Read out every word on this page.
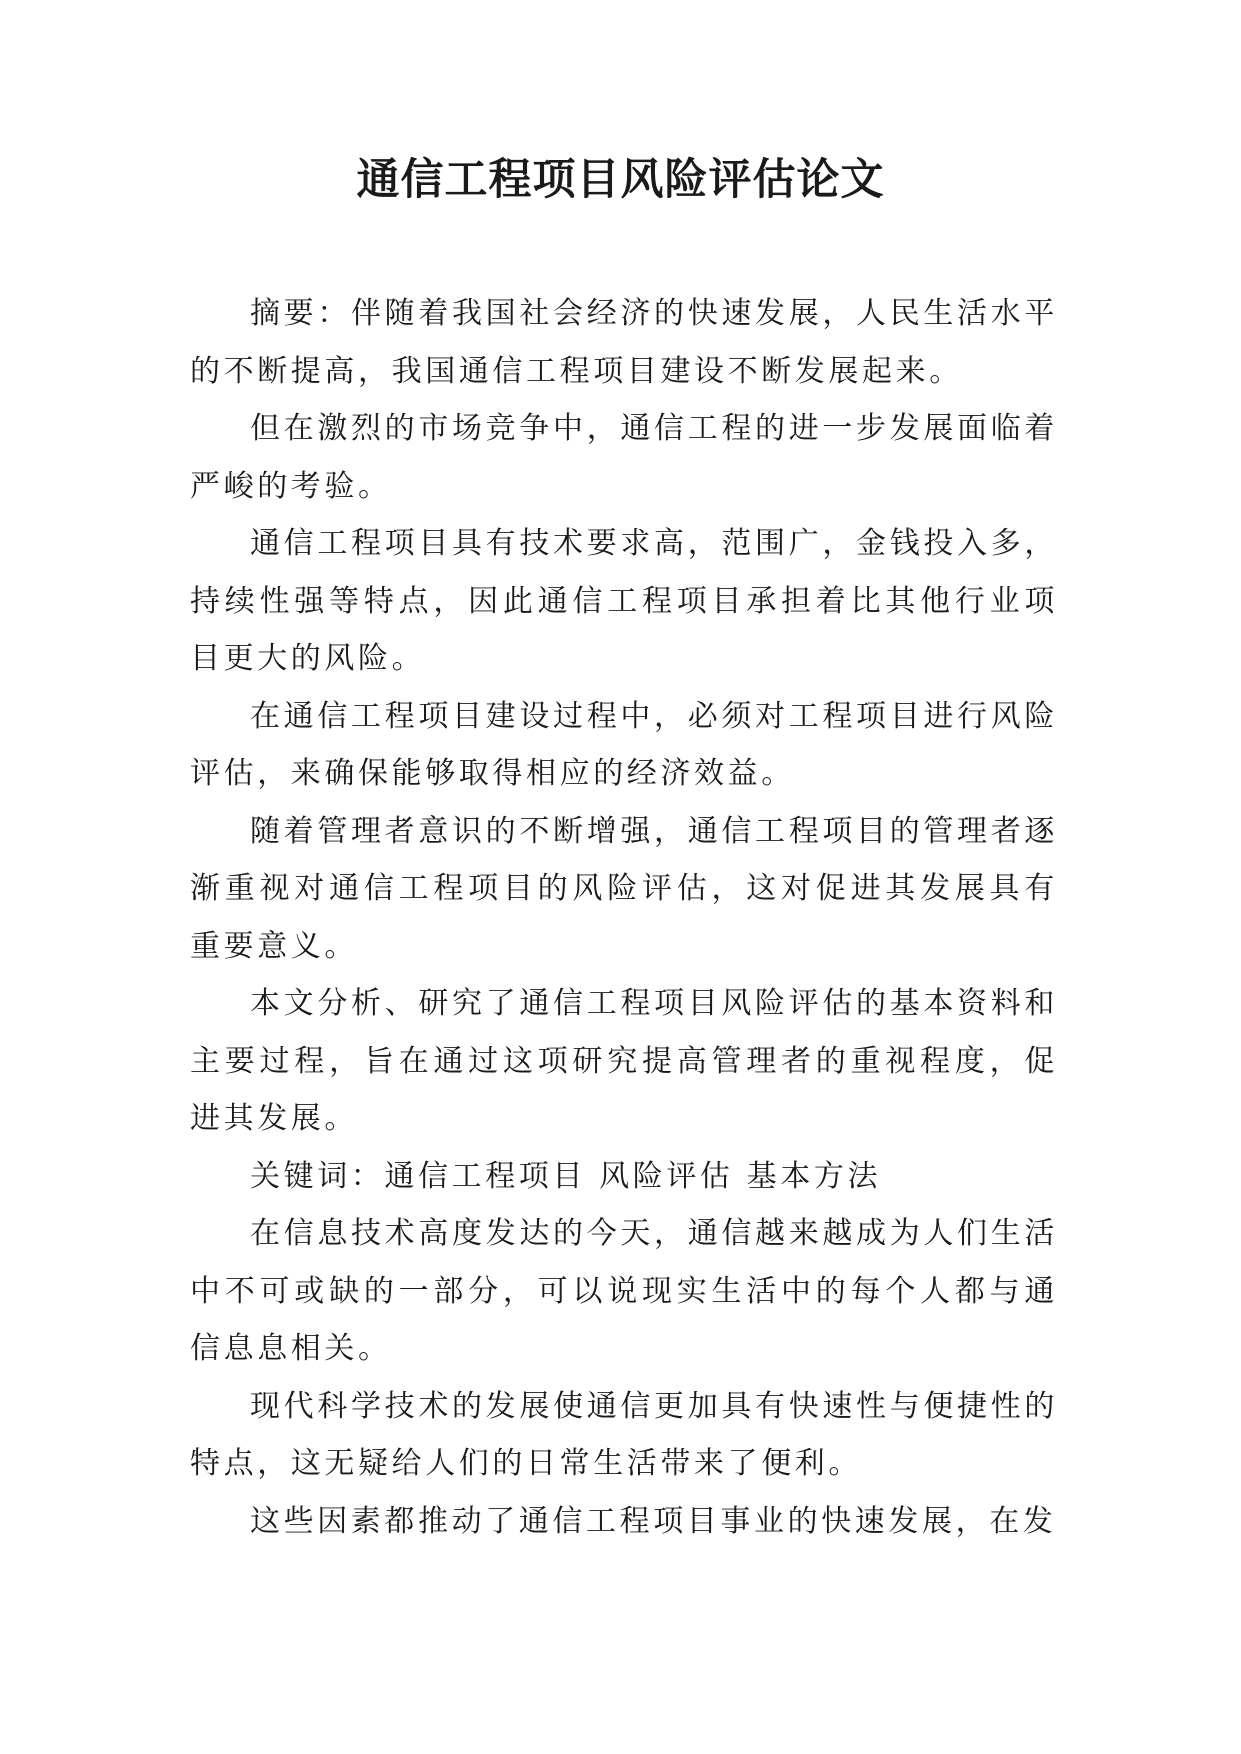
通信工程项目风险评估论文

摘要：伴随着我国社会经济的快速发展，人民生活水平的不断提高，我国通信工程项目建设不断发展起来。

但在激烈的市场竞争中，通信工程的进一步发展面临着严峻的考验。

通信工程项目具有技术要求高，范围广，金钱投入多，持续性强等特点，因此通信工程项目承担着比其他行业项目更大的风险。

在通信工程项目建设过程中，必须对工程项目进行风险评估，来确保能够取得相应的经济效益。

随着管理者意识的不断增强，通信工程项目的管理者逐渐重视对通信工程项目的风险评估，这对促进其发展具有重要意义。

本文分析、研究了通信工程项目风险评估的基本资料和主要过程，旨在通过这项研究提高管理者的重视程度，促进其发展。

关键词：通信工程项目 风险评估 基本方法

在信息技术高度发达的今天，通信越来越成为人们生活中不可或缺的一部分，可以说现实生活中的每个人都与通信息息相关。

现代科学技术的发展使通信更加具有快速性与便捷性的特点，这无疑给人们的日常生活带来了便利。

这些因素都推动了通信工程项目事业的快速发展，在发
